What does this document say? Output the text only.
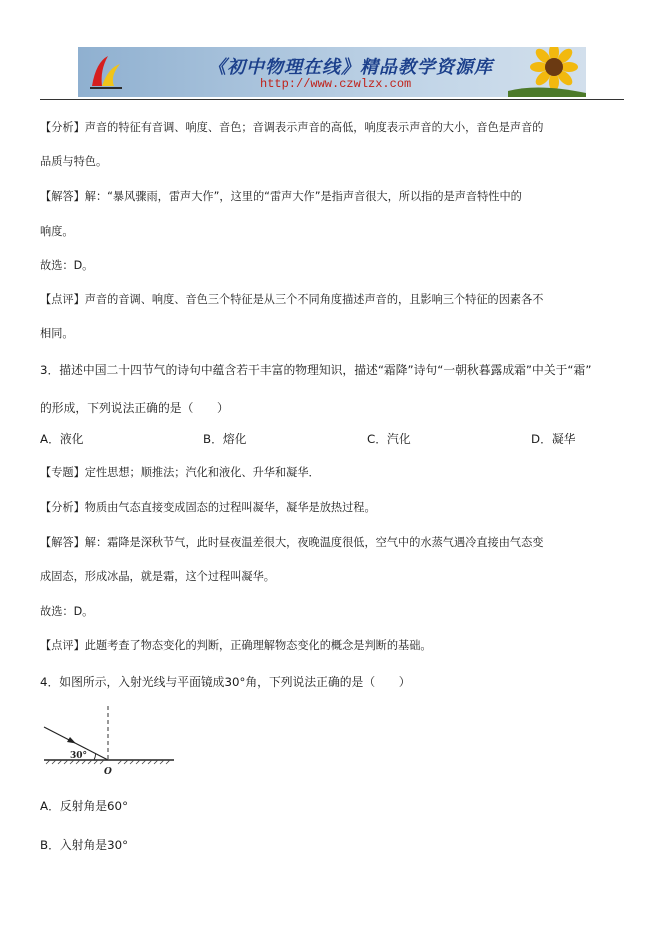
《初中物理在线》精品教学资源库
http://www.czwlzx.com
【分析】声音的特征有音调、响度、音色；音调表示声音的高低，响度表示声音的大小，音色是声音的
品质与特色。
【解答】解：“暴风骤雨，雷声大作”，这里的“雷声大作”是指声音很大，所以指的是声音特性中的
响度。
故选：D。
【点评】声音的音调、响度、音色三个特征是从三个不同角度描述声音的，且影响三个特征的因素各不
相同。
3．描述中国二十四节气的诗句中蕴含若干丰富的物理知识，描述“霜降”诗句“一朝秋暮露成霜”中关于“霜”
的形成，下列说法正确的是（　　）
A．液化	B．熔化	C．汽化	D．凝华
【专题】定性思想；顺推法；汽化和液化、升华和凝华．
【分析】物质由气态直接变成固态的过程叫凝华，凝华是放热过程。
【解答】解：霜降是深秋节气，此时昼夜温差很大，夜晚温度很低，空气中的水蒸气遇冷直接由气态变
成固态，形成冰晶，就是霜，这个过程叫凝华。
故选：D。
【点评】此题考查了物态变化的判断，正确理解物态变化的概念是判断的基础。
4．如图所示，入射光线与平面镜成30°角，下列说法正确的是（　　）
30°
O
A．反射角是60°
B．入射角是30°
